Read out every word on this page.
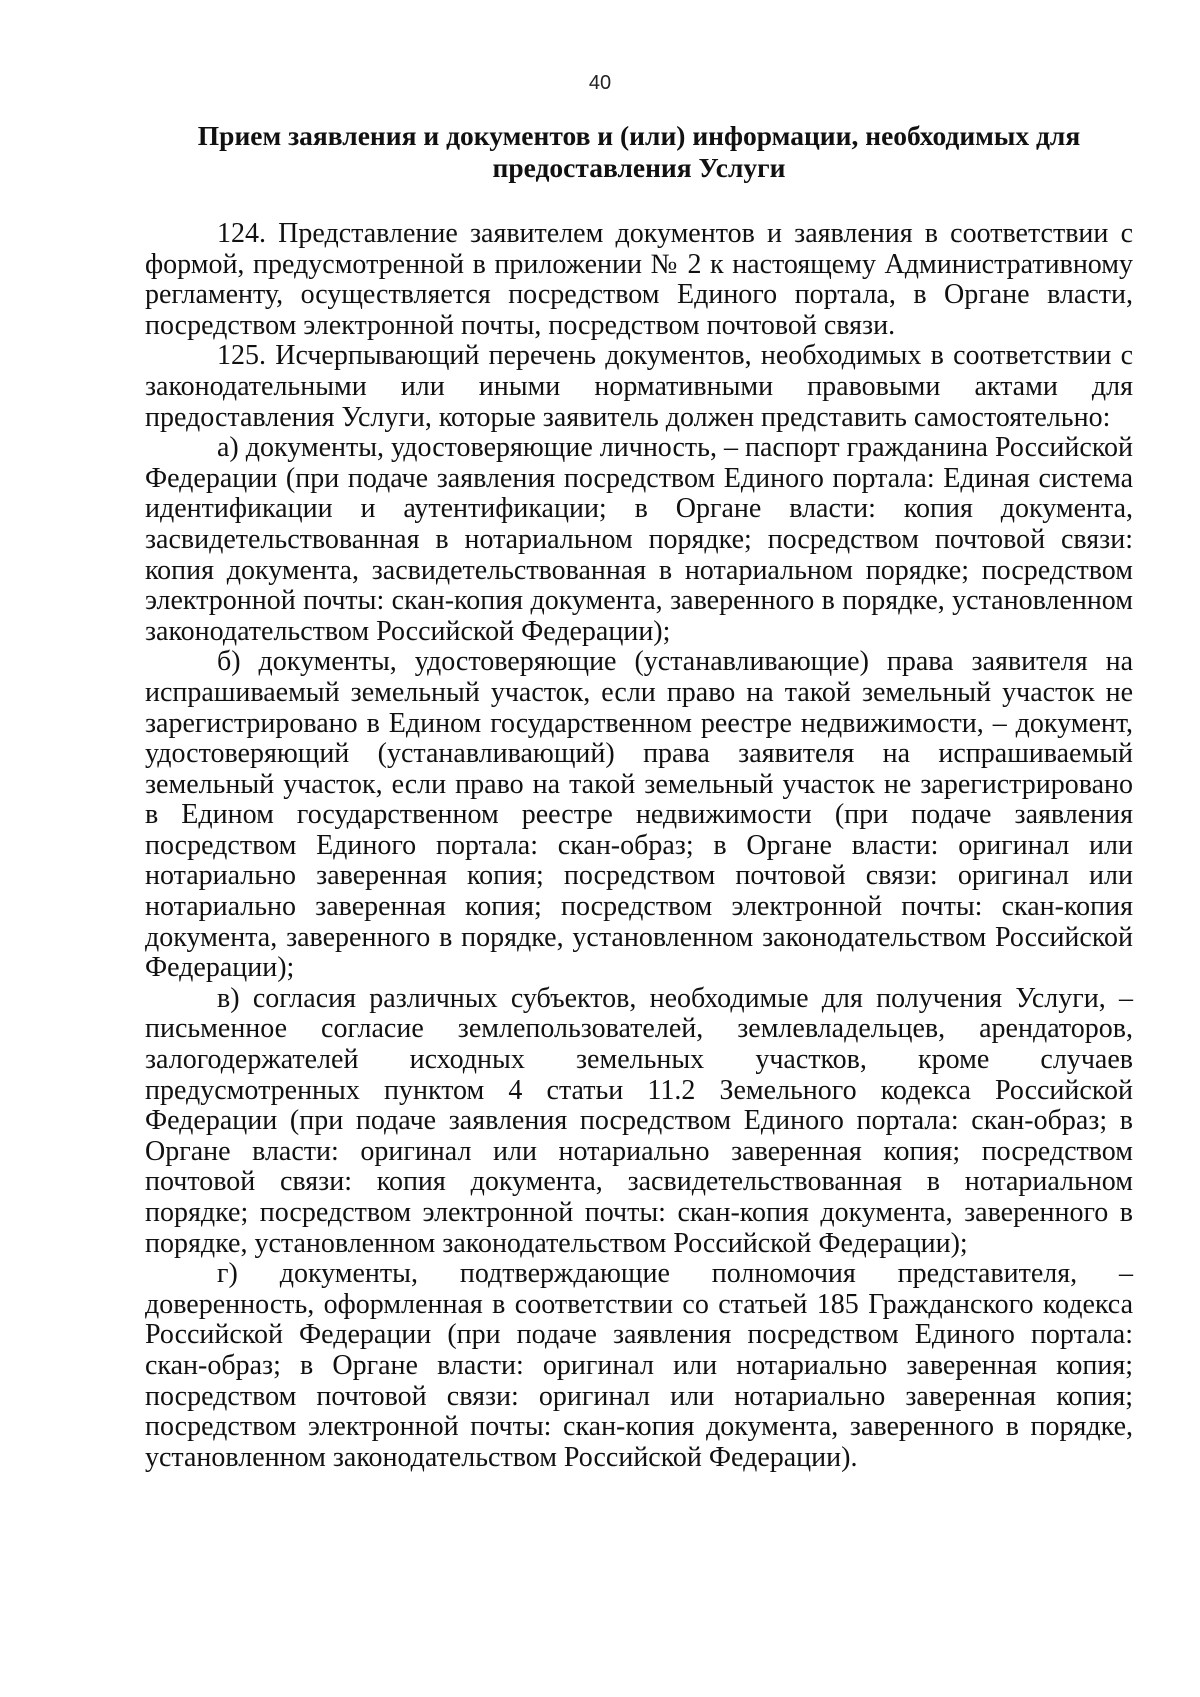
40
Прием заявления и документов и (или) информации, необходимых для
предоставления Услуги

124. Представление заявителем документов и заявления в соответствии с формой, предусмотренной в приложении № 2 к настоящему Административному регламенту, осуществляется посредством Единого портала, в Органе власти, посредством электронной почты, посредством почтовой связи.

125. Исчерпывающий перечень документов, необходимых в соответствии с законодательными или иными нормативными правовыми актами для предоставления Услуги, которые заявитель должен представить самостоятельно:

а) документы, удостоверяющие личность, – паспорт гражданина Российской Федерации (при подаче заявления посредством Единого портала: Единая система идентификации и аутентификации; в Органе власти: копия документа, засвидетельствованная в нотариальном порядке; посредством почтовой связи: копия документа, засвидетельствованная в нотариальном порядке; посредством электронной почты: скан-копия документа, заверенного в порядке, установленном законодательством Российской Федерации);

б) документы, удостоверяющие (устанавливающие) права заявителя на испрашиваемый земельный участок, если право на такой земельный участок не зарегистрировано в Едином государственном реестре недвижимости, – документ, удостоверяющий (устанавливающий) права заявителя на испрашиваемый земельный участок, если право на такой земельный участок не зарегистрировано в Едином государственном реестре недвижимости (при подаче заявления посредством Единого портала: скан-образ; в Органе власти: оригинал или нотариально заверенная копия; посредством почтовой связи: оригинал или нотариально заверенная копия; посредством электронной почты: скан-копия документа, заверенного в порядке, установленном законодательством Российской Федерации);

в) согласия различных субъектов, необходимые для получения Услуги, – письменное согласие землепользователей, землевладельцев, арендаторов, залогодержателей исходных земельных участков, кроме случаев предусмотренных пунктом 4 статьи 11.2 Земельного кодекса Российской Федерации (при подаче заявления посредством Единого портала: скан-образ; в Органе власти: оригинал или нотариально заверенная копия; посредством почтовой связи: копия документа, засвидетельствованная в нотариальном порядке; посредством электронной почты: скан-копия документа, заверенного в порядке, установленном законодательством Российской Федерации);

г) документы, подтверждающие полномочия представителя, – доверенность, оформленная в соответствии со статьей 185 Гражданского кодекса Российской Федерации (при подаче заявления посредством Единого портала: скан-образ; в Органе власти: оригинал или нотариально заверенная копия; посредством почтовой связи: оригинал или нотариально заверенная копия; посредством электронной почты: скан-копия документа, заверенного в порядке, установленном законодательством Российской Федерации).
